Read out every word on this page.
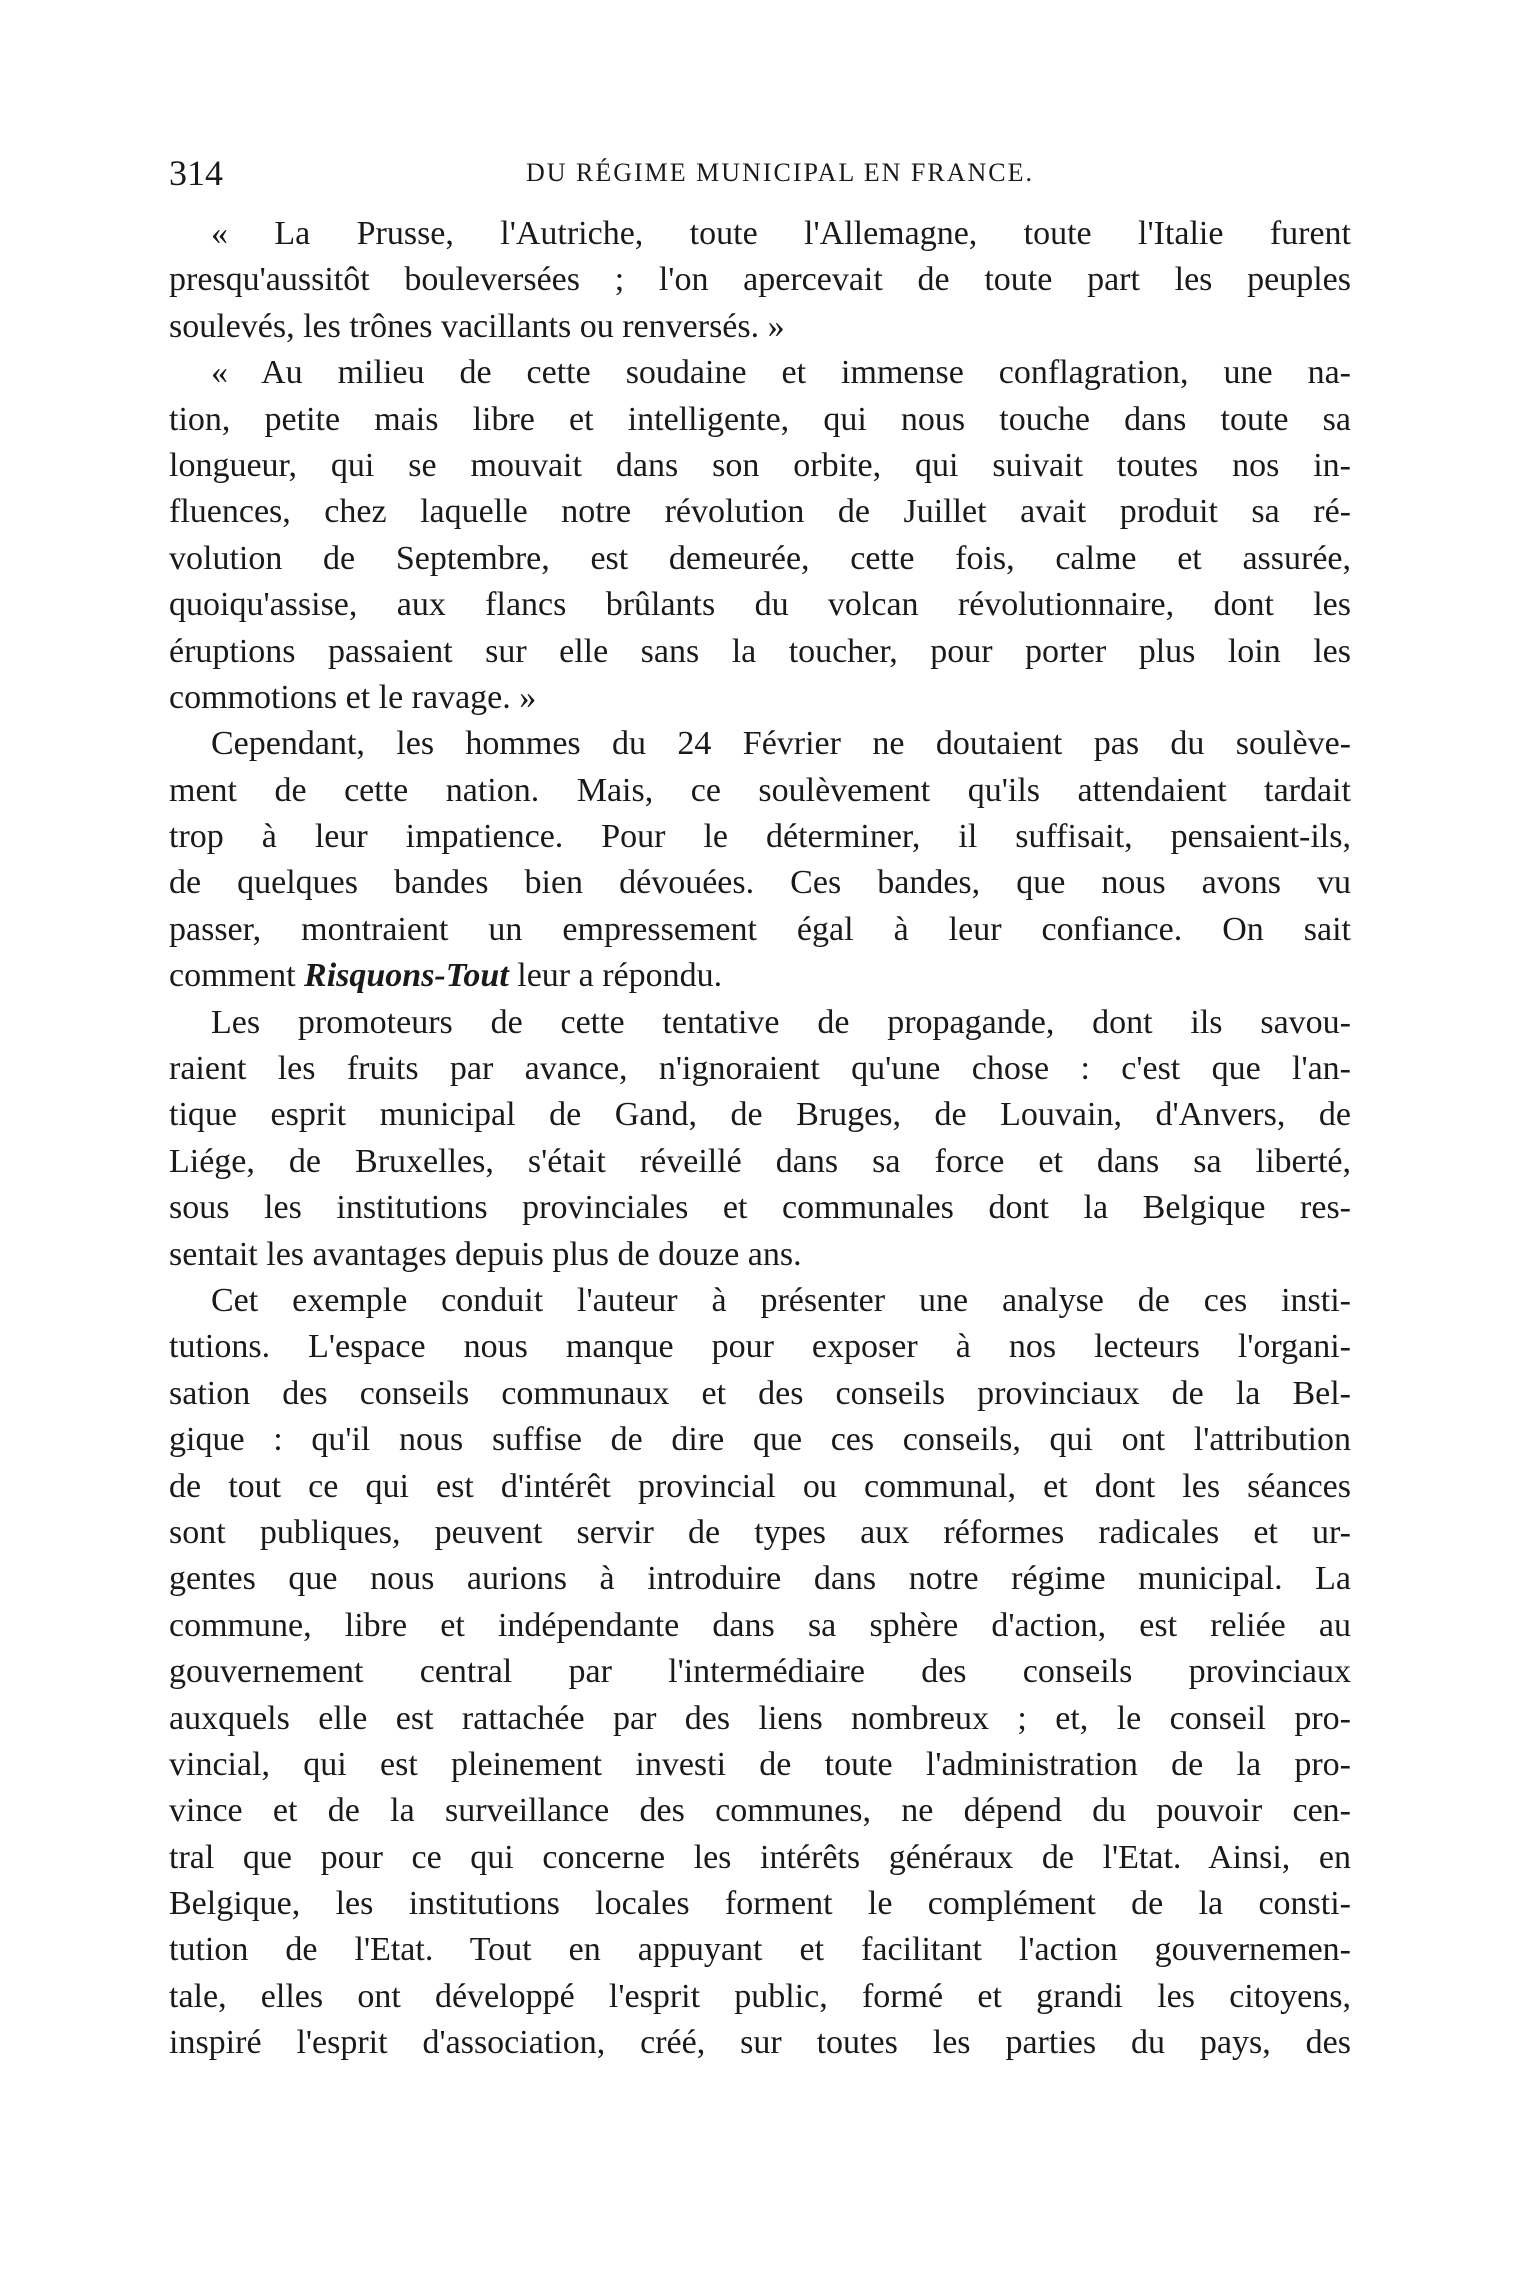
314	DU RÉGIME MUNICIPAL EN FRANCE.
« La Prusse, l'Autriche, toute l'Allemagne, toute l'Italie furent
presqu'aussitôt bouleversées ; l'on apercevait de toute part les peuples
soulevés, les trônes vacillants ou renversés. »
« Au milieu de cette soudaine et immense conflagration, une na-
tion, petite mais libre et intelligente, qui nous touche dans toute sa
longueur, qui se mouvait dans son orbite, qui suivait toutes nos in-
fluences, chez laquelle notre révolution de Juillet avait produit sa ré-
volution de Septembre, est demeurée, cette fois, calme et assurée,
quoiqu'assise, aux flancs brûlants du volcan révolutionnaire, dont les
éruptions passaient sur elle sans la toucher, pour porter plus loin les
commotions et le ravage. »
Cependant, les hommes du 24 Février ne doutaient pas du soulève-
ment de cette nation. Mais, ce soulèvement qu'ils attendaient tardait
trop à leur impatience. Pour le déterminer, il suffisait, pensaient-ils,
de quelques bandes bien dévouées. Ces bandes, que nous avons vu
passer, montraient un empressement égal à leur confiance. On sait
comment Risquons-Tout leur a répondu.
Les promoteurs de cette tentative de propagande, dont ils savou-
raient les fruits par avance, n'ignoraient qu'une chose : c'est que l'an-
tique esprit municipal de Gand, de Bruges, de Louvain, d'Anvers, de
Liége, de Bruxelles, s'était réveillé dans sa force et dans sa liberté,
sous les institutions provinciales et communales dont la Belgique res-
sentait les avantages depuis plus de douze ans.
Cet exemple conduit l'auteur à présenter une analyse de ces insti-
tutions. L'espace nous manque pour exposer à nos lecteurs l'organi-
sation des conseils communaux et des conseils provinciaux de la Bel-
gique : qu'il nous suffise de dire que ces conseils, qui ont l'attribution
de tout ce qui est d'intérêt provincial ou communal, et dont les séances
sont publiques, peuvent servir de types aux réformes radicales et ur-
gentes que nous aurions à introduire dans notre régime municipal. La
commune, libre et indépendante dans sa sphère d'action, est reliée au
gouvernement central par l'intermédiaire des conseils provinciaux
auxquels elle est rattachée par des liens nombreux ; et, le conseil pro-
vincial, qui est pleinement investi de toute l'administration de la pro-
vince et de la surveillance des communes, ne dépend du pouvoir cen-
tral que pour ce qui concerne les intérêts généraux de l'Etat. Ainsi, en
Belgique, les institutions locales forment le complément de la consti-
tution de l'Etat. Tout en appuyant et facilitant l'action gouvernemen-
tale, elles ont développé l'esprit public, formé et grandi les citoyens,
inspiré l'esprit d'association, créé, sur toutes les parties du pays, des
